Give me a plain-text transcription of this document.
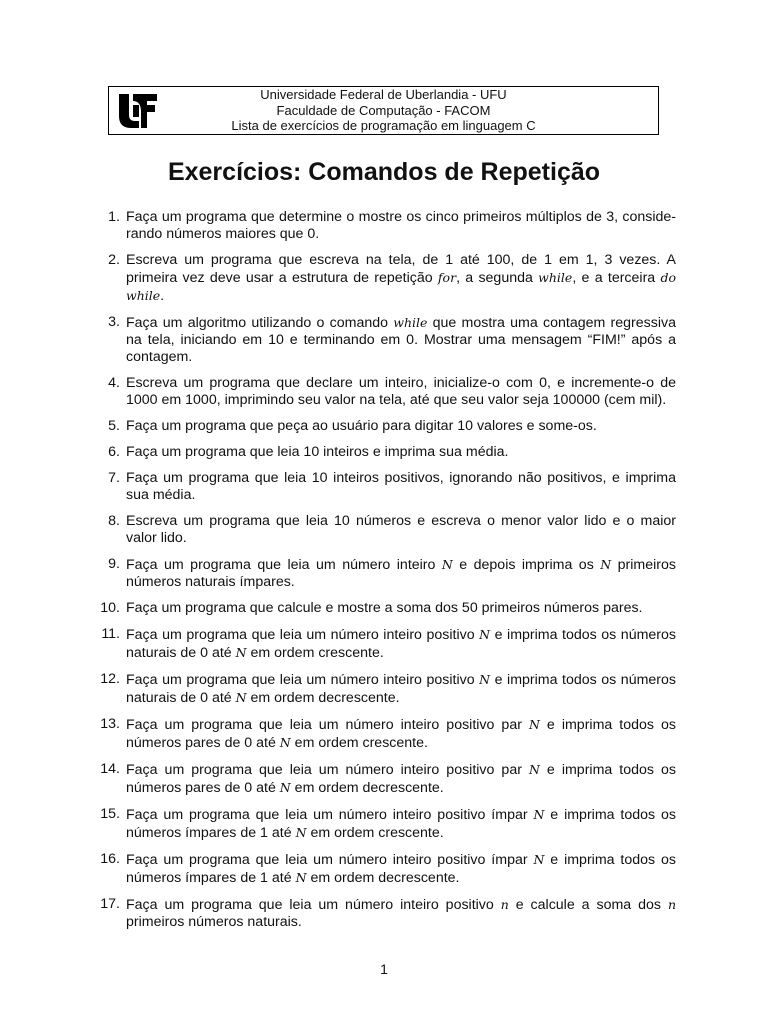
Universidade Federal de Uberlandia - UFU
Faculdade de Computação - FACOM
Lista de exercícios de programação em linguagem C
Exercícios: Comandos de Repetição
1. Faça um programa que determine o mostre os cinco primeiros múltiplos de 3, conside-rando números maiores que 0.
2. Escreva um programa que escreva na tela, de 1 até 100, de 1 em 1, 3 vezes. A primeira vez deve usar a estrutura de repetição for, a segunda while, e a terceira do while.
3. Faça um algoritmo utilizando o comando while que mostra uma contagem regressiva na tela, iniciando em 10 e terminando em 0. Mostrar uma mensagem “FIM!” após a contagem.
4. Escreva um programa que declare um inteiro, inicialize-o com 0, e incremente-o de 1000 em 1000, imprimindo seu valor na tela, até que seu valor seja 100000 (cem mil).
5. Faça um programa que peça ao usuário para digitar 10 valores e some-os.
6. Faça um programa que leia 10 inteiros e imprima sua média.
7. Faça um programa que leia 10 inteiros positivos, ignorando não positivos, e imprima sua média.
8. Escreva um programa que leia 10 números e escreva o menor valor lido e o maior valor lido.
9. Faça um programa que leia um número inteiro N e depois imprima os N primeiros números naturais ímpares.
10. Faça um programa que calcule e mostre a soma dos 50 primeiros números pares.
11. Faça um programa que leia um número inteiro positivo N e imprima todos os números naturais de 0 até N em ordem crescente.
12. Faça um programa que leia um número inteiro positivo N e imprima todos os números naturais de 0 até N em ordem decrescente.
13. Faça um programa que leia um número inteiro positivo par N e imprima todos os números pares de 0 até N em ordem crescente.
14. Faça um programa que leia um número inteiro positivo par N e imprima todos os números pares de 0 até N em ordem decrescente.
15. Faça um programa que leia um número inteiro positivo ímpar N e imprima todos os números ímpares de 1 até N em ordem crescente.
16. Faça um programa que leia um número inteiro positivo ímpar N e imprima todos os números ímpares de 1 até N em ordem decrescente.
17. Faça um programa que leia um número inteiro positivo n e calcule a soma dos n primeiros números naturais.
1
